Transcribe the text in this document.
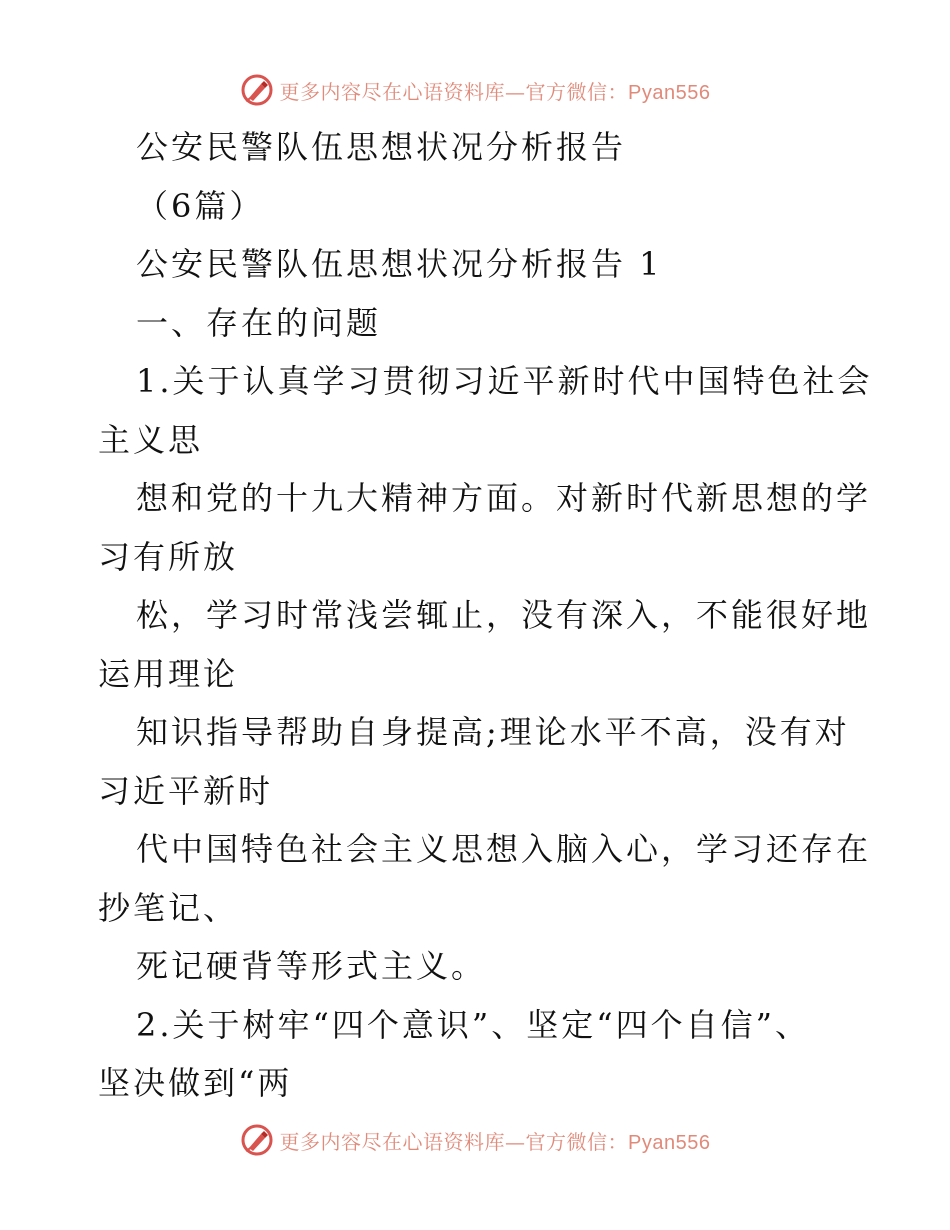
更多内容尽在心语资料库—官方微信：Pyan556
公安民警队伍思想状况分析报告
（6篇）
公安民警队伍思想状况分析报告 1
一、存在的问题
1.关于认真学习贯彻习近平新时代中国特色社会
主义思
想和党的十九大精神方面。对新时代新思想的学
习有所放
松，学习时常浅尝辄止，没有深入，不能很好地
运用理论
知识指导帮助自身提高;理论水平不高，没有对
习近平新时
代中国特色社会主义思想入脑入心，学习还存在
抄笔记、
死记硬背等形式主义。
2.关于树牢“四个意识”、坚定“四个自信”、
坚决做到“两
更多内容尽在心语资料库—官方微信：Pyan556
